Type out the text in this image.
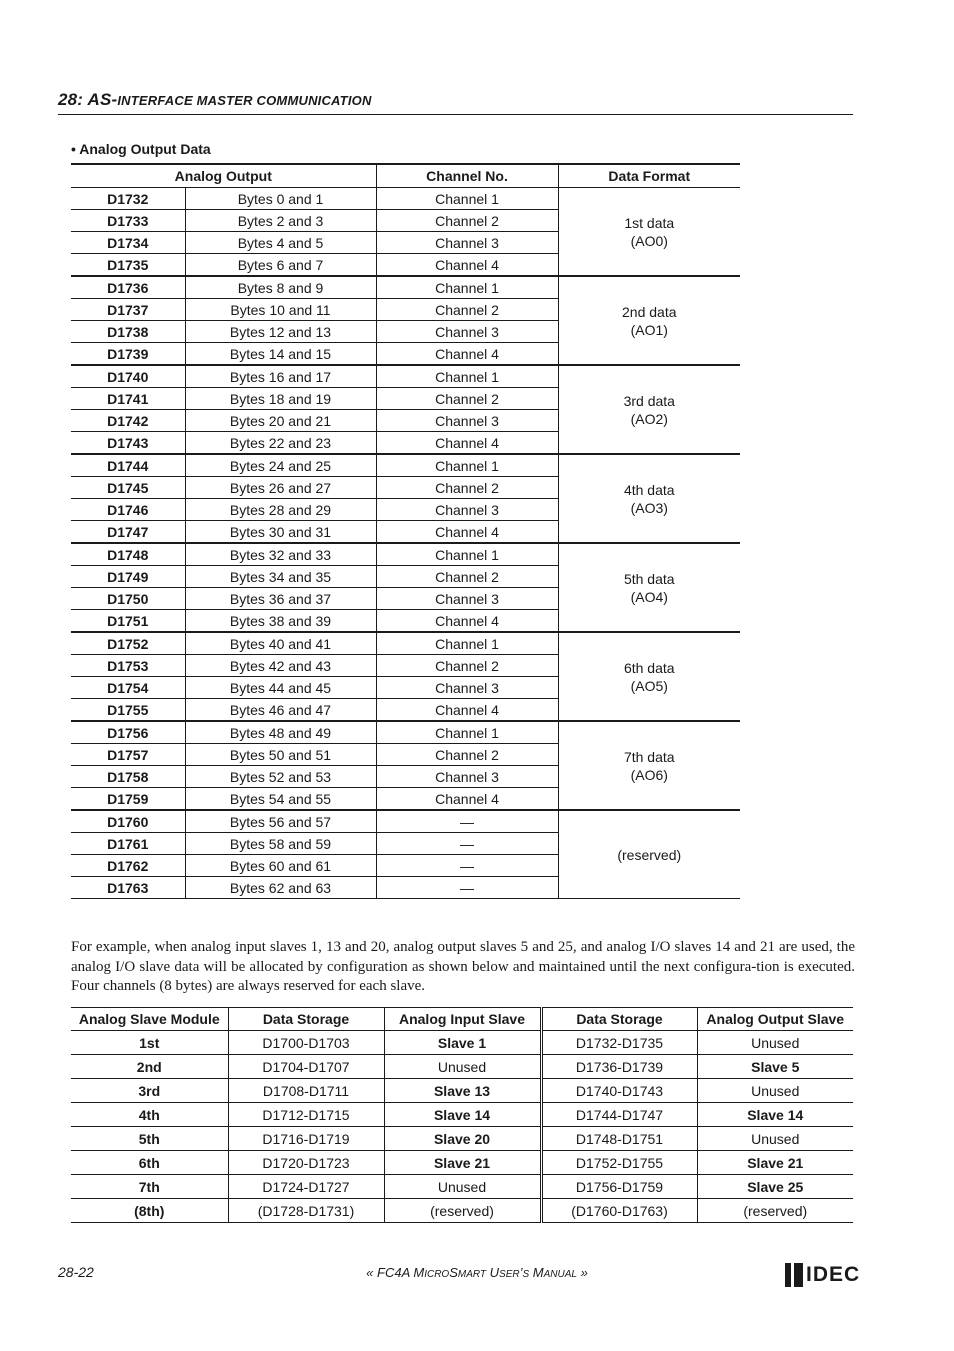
28: AS-INTERFACE MASTER COMMUNICATION
• Analog Output Data
Analog Output		Channel No.	Data Format
D1732	Bytes 0 and 1	Channel 1	1st data
(AO0)

D1733	Bytes 2 and 3	Channel 2	
D1734	Bytes 4 and 5	Channel 3	
D1735	Bytes 6 and 7	Channel 4	
D1736	Bytes 8 and 9	Channel 1	2nd data
(AO1)

D1737	Bytes 10 and 11	Channel 2	
D1738	Bytes 12 and 13	Channel 3	
D1739	Bytes 14 and 15	Channel 4	
D1740	Bytes 16 and 17	Channel 1	3rd data
(AO2)

D1741	Bytes 18 and 19	Channel 2	
D1742	Bytes 20 and 21	Channel 3	
D1743	Bytes 22 and 23	Channel 4	
D1744	Bytes 24 and 25	Channel 1	4th data
(AO3)

D1745	Bytes 26 and 27	Channel 2	
D1746	Bytes 28 and 29	Channel 3	
D1747	Bytes 30 and 31	Channel 4	
D1748	Bytes 32 and 33	Channel 1	5th data
(AO4)

D1749	Bytes 34 and 35	Channel 2	
D1750	Bytes 36 and 37	Channel 3	
D1751	Bytes 38 and 39	Channel 4	
D1752	Bytes 40 and 41	Channel 1	6th data
(AO5)

D1753	Bytes 42 and 43	Channel 2	
D1754	Bytes 44 and 45	Channel 3	
D1755	Bytes 46 and 47	Channel 4	
D1756	Bytes 48 and 49	Channel 1	7th data
(AO6)

D1757	Bytes 50 and 51	Channel 2	
D1758	Bytes 52 and 53	Channel 3	
D1759	Bytes 54 and 55	Channel 4	
D1760	Bytes 56 and 57	—	(reserved)

D1761	Bytes 58 and 59	—	
D1762	Bytes 60 and 61	—	
D1763	Bytes 62 and 63	—	
For example, when analog input slaves 1, 13 and 20, analog output slaves 5 and 25, and analog I/O slaves 14 and 21 are used, the analog I/O slave data will be allocated by configuration as shown below and maintained until the next configura-tion is executed. Four channels (8 bytes) are always reserved for each slave.
Analog Slave Module	Data Storage	Analog Input Slave	Data Storage	Analog Output Slave
1st	D1700-D1703	Slave 1	D1732-D1735	Unused
2nd	D1704-D1707	Unused	D1736-D1739	Slave 5
3rd	D1708-D1711	Slave 13	D1740-D1743	Unused
4th	D1712-D1715	Slave 14	D1744-D1747	Slave 14
5th	D1716-D1719	Slave 20	D1748-D1751	Unused
6th	D1720-D1723	Slave 21	D1752-D1755	Slave 21
7th	D1724-D1727	Unused	D1756-D1759	Slave 25
(8th)	(D1728-D1731)	(reserved)	(D1760-D1763)	(reserved)
28-22	« FC4A MICROSMART USER’S MANUAL »	IDEC
